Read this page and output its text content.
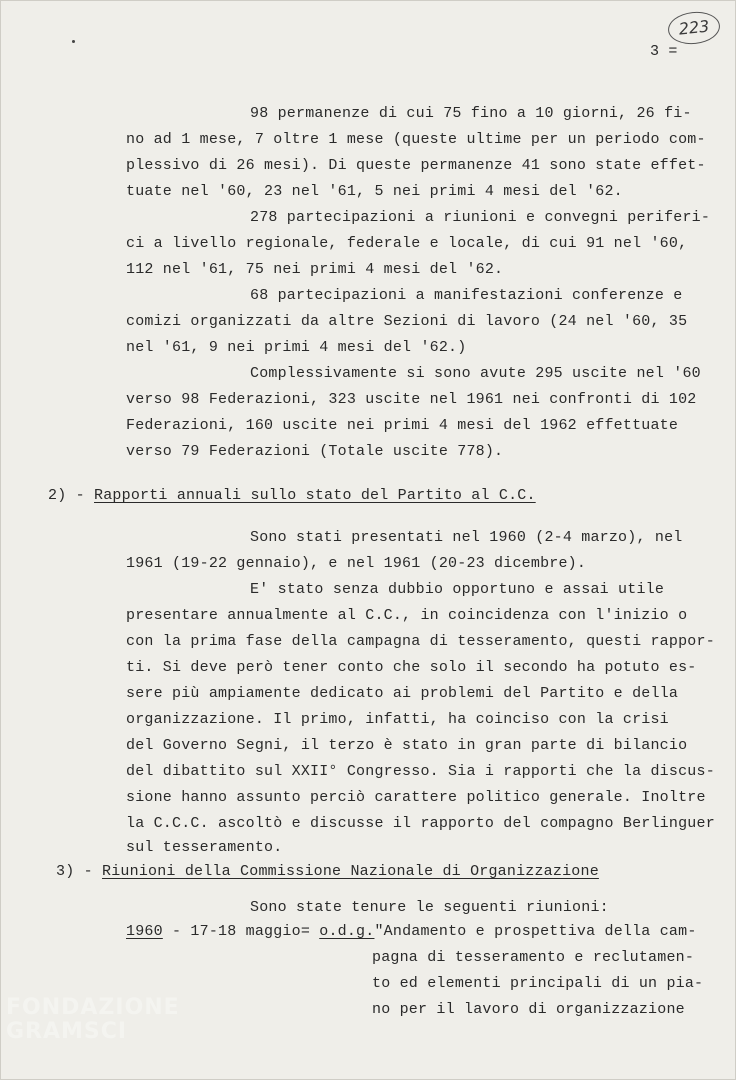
223
3 =
98 permanenze di cui 75 fino a 10 giorni, 26 fi-
no ad 1 mese, 7 oltre 1 mese (queste ultime per un periodo com-
plessivo di 26 mesi). Di queste permanenze 41 sono state effet-
tuate nel '60, 23 nel '61, 5 nei primi 4 mesi del '62.
278 partecipazioni a riunioni e convegni periferi-
ci a livello regionale, federale e locale, di cui 91 nel '60,
112 nel '61, 75 nei primi 4 mesi del '62.
68 partecipazioni a manifestazioni conferenze e
comizi organizzati da altre Sezioni di lavoro (24 nel '60, 35
nel '61, 9 nei primi 4 mesi del '62.)
Complessivamente si sono avute 295 uscite nel '60
verso 98 Federazioni, 323 uscite nel 1961 nei confronti di 102
Federazioni, 160 uscite nei primi 4 mesi del 1962 effettuate
verso 79 Federazioni (Totale uscite 778).
2) - Rapporti annuali sullo stato del Partito al C.C.
Sono stati presentati nel 1960 (2-4 marzo), nel
1961 (19-22 gennaio), e nel 1961 (20-23 dicembre).
E' stato senza dubbio opportuno e assai utile
presentare annualmente al C.C., in coincidenza con l'inizio o
con la prima fase della campagna di tesseramento, questi rappor-
ti. Si deve però tener conto che solo il secondo ha potuto es-
sere più ampiamente dedicato ai problemi del Partito e della
organizzazione. Il primo, infatti, ha coinciso con la crisi
del Governo Segni, il terzo è stato in gran parte di bilancio
del dibattito sul XXII° Congresso. Sia i rapporti che la discus-
sione hanno assunto perciò carattere politico generale. Inoltre
la C.C.C. ascoltò e discusse il rapporto del compagno Berlinguer
sul tesseramento.
3) - Riunioni della Commissione Nazionale di Organizzazione
Sono state tenure le seguenti riunioni:
1960 - 17-18 maggio= o.d.g."Andamento e prospettiva della cam-
pagna di tesseramento e reclutamen-
to ed elementi principali di un pia-
no per il lavoro di organizzazione
FONDAZIONE
GRAMSCI
